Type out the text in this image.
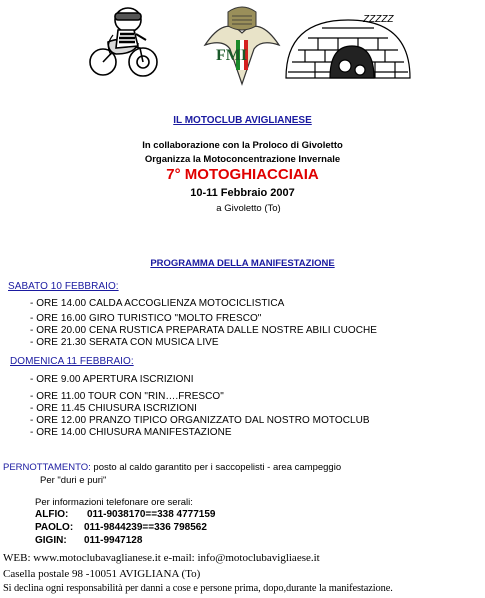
FMI
ZZZZZ
IL MOTOCLUB AVIGLIANESE
In collaborazione con la Proloco di Givoletto
Organizza la Motoconcentrazione Invernale
7° MOTOGHIACCIAIA
10-11 Febbraio 2007
a Givoletto (To)
PROGRAMMA DELLA MANIFESTAZIONE
SABATO 10 FEBBRAIO:
- ORE 14.00 CALDA ACCOGLIENZA MOTOCICLISTICA
- ORE 16.00 GIRO TURISTICO "MOLTO FRESCO"
- ORE 20.00 CENA RUSTICA PREPARATA DALLE NOSTRE ABILI CUOCHE
- ORE 21.30 SERATA CON MUSICA LIVE
DOMENICA 11 FEBBRAIO:
- ORE 9.00 APERTURA ISCRIZIONI
- ORE 11.00 TOUR CON "RIN….FRESCO"
- ORE 11.45 CHIUSURA ISCRIZIONI
- ORE 12.00 PRANZO TIPICO ORGANIZZATO DAL NOSTRO MOTOCLUB
- ORE 14.00 CHIUSURA MANIFESTAZIONE
PERNOTTAMENTO: posto al caldo garantito per i saccopelisti - area campeggio
Per "duri e puri"
Per informazioni telefonare ore serali:
ALFIO: 011-9038170==338 4777159
PAOLO: 011-9844239==336 798562
GIGIN: 011-9947128
WEB: www.motoclubavaglianese.it e-mail: info@motoclubavigliaese.it
Casella postale 98 -10051 AVIGLIANA (To)
Si declina ogni responsabilità per danni a cose e persone prima, dopo,durante la manifestazione.
